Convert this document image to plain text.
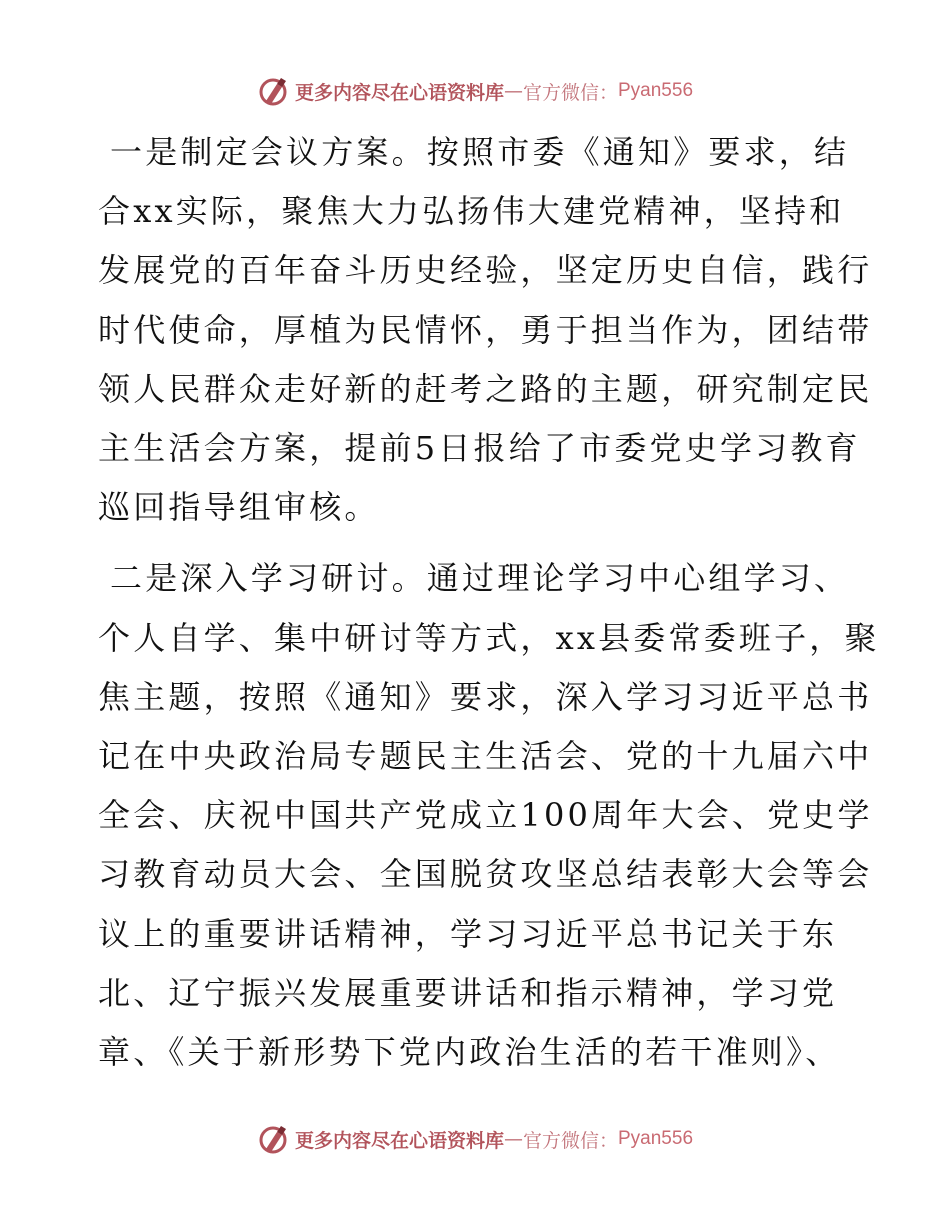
更多内容尽在心语资料库 — 官方微信： Pyan556

一是制定会议方案。按照市委《通知》要求，结
合xx实际，聚焦大力弘扬伟大建党精神，坚持和
发展党的百年奋斗历史经验，坚定历史自信，践行
时代使命，厚植为民情怀，勇于担当作为，团结带
领人民群众走好新的赶考之路的主题，研究制定民
主生活会方案，提前5日报给了市委党史学习教育
巡回指导组审核。

二是深入学习研讨。通过理论学习中心组学习、
个人自学、集中研讨等方式，xx县委常委班子，聚
焦主题，按照《通知》要求，深入学习习近平总书
记在中央政治局专题民主生活会、党的十九届六中
全会、庆祝中国共产党成立100周年大会、党史学
习教育动员大会、全国脱贫攻坚总结表彰大会等会
议上的重要讲话精神，学习习近平总书记关于东
北、辽宁振兴发展重要讲话和指示精神，学习党
章、《关于新形势下党内政治生活的若干准则》、

更多内容尽在心语资料库 — 官方微信： Pyan556
